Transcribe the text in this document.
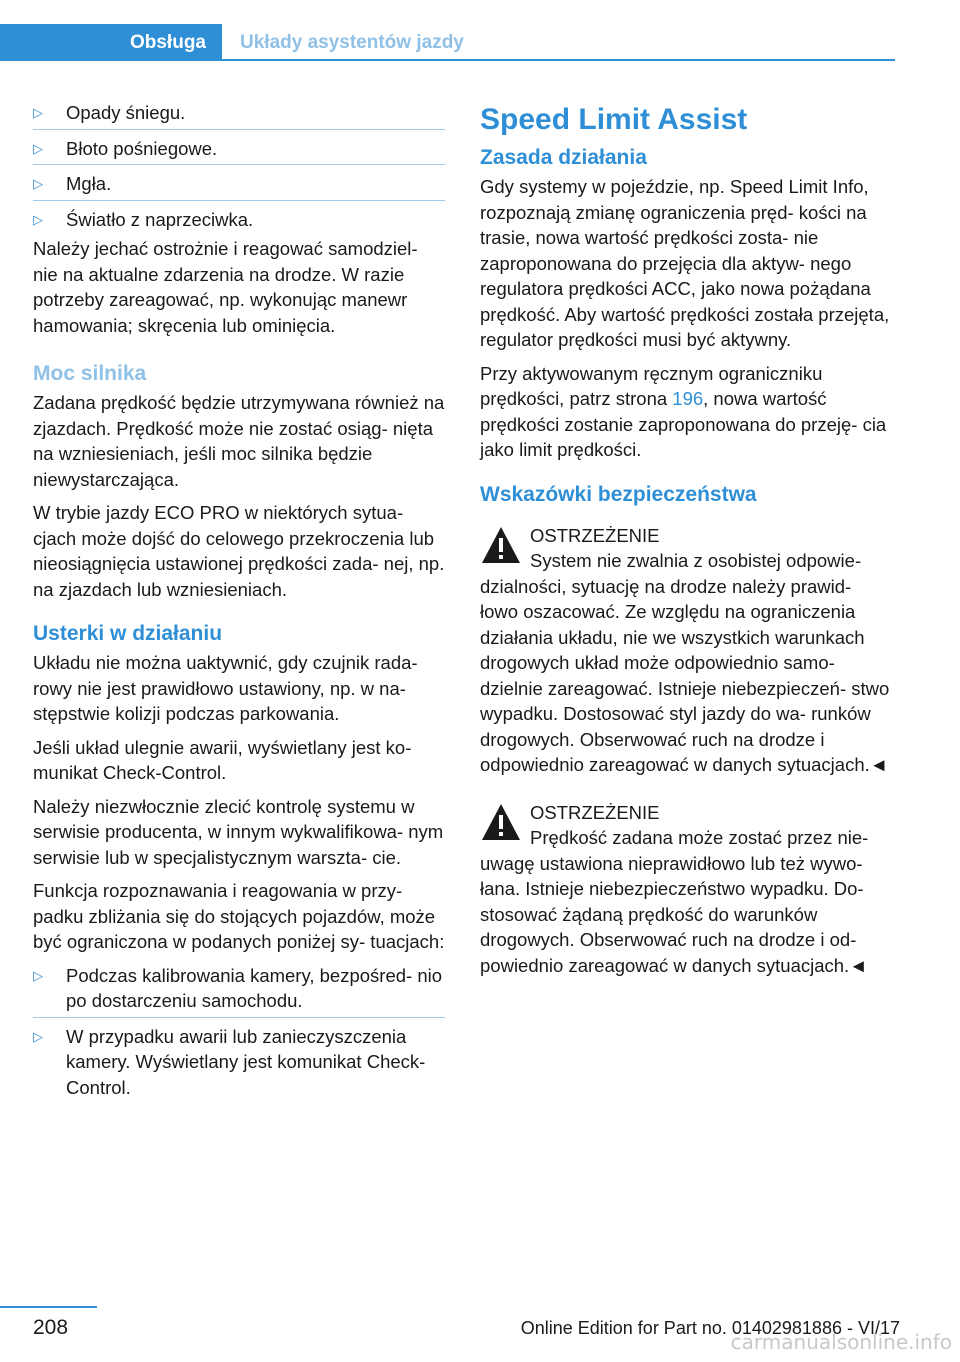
Obsługa	Układy asystentów jazdy
▷	Opady śniegu.
▷	Błoto pośniegowe.
▷	Mgła.
▷	Światło z naprzeciwka.

Należy jechać ostrożnie i reagować samodziel‐ nie na aktualne zdarzenia na drodze. W razie potrzeby zareagować, np. wykonując manewr hamowania; skręcenia lub ominięcia.

Moc silnika

Zadana prędkość będzie utrzymywana również na zjazdach. Prędkość może nie zostać osiąg‐ nięta na wzniesieniach, jeśli moc silnika będzie niewystarczająca.

W trybie jazdy ECO PRO w niektórych sytua‐ cjach może dojść do celowego przekroczenia lub nieosiągnięcia ustawionej prędkości zada‐ nej, np. na zjazdach lub wzniesieniach.

Usterki w działaniu

Układu nie można uaktywnić, gdy czujnik rada‐ rowy nie jest prawidłowo ustawiony, np. w na‐ stępstwie kolizji podczas parkowania.

Jeśli układ ulegnie awarii, wyświetlany jest ko‐ munikat Check-Control.

Należy niezwłocznie zlecić kontrolę systemu w serwisie producenta, w innym wykwalifikowa‐ nym serwisie lub w specjalistycznym warszta‐ cie.

Funkcja rozpoznawania i reagowania w przy‐ padku zbliżania się do stojących pojazdów, może być ograniczona w podanych poniżej sy‐ tuacjach:

▷	Podczas kalibrowania kamery, bezpośred‐ nio po dostarczeniu samochodu.
▷	W przypadku awarii lub zanieczyszczenia kamery. Wyświetlany jest komunikat Check-Control.
Speed Limit Assist
Zasada działania

Gdy systemy w pojeździe, np. Speed Limit Info, rozpoznają zmianę ograniczenia pręd‐ kości na trasie, nowa wartość prędkości zosta‐ nie zaproponowana do przejęcia dla aktyw‐ nego regulatora prędkości ACC, jako nowa pożądana prędkość. Aby wartość prędkości została przejęta, regulator prędkości musi być aktywny.

Przy aktywowanym ręcznym ograniczniku prędkości, patrz strona 196, nowa wartość prędkości zostanie zaproponowana do przeję‐ cia jako limit prędkości.

Wskazówki bezpieczeństwa
OSTRZEŻENIE
System nie zwalnia z osobistej odpowie‐
dzialności, sytuację na drodze należy prawid‐ łowo oszacować. Ze względu na ograniczenia działania układu, nie we wszystkich warunkach drogowych układ może odpowiednio samo‐ dzielnie zareagować. Istnieje niebezpieczeń‐ stwo wypadku. Dostosować styl jazdy do wa‐ runków drogowych. Obserwować ruch na drodze i odpowiednio zareagować w danych sytuacjach.◄
OSTRZEŻENIE
Prędkość zadana może zostać przez nie‐
uwagę ustawiona nieprawidłowo lub też wywo‐ łana. Istnieje niebezpieczeństwo wypadku. Do‐ stosować żądaną prędkość do warunków drogowych. Obserwować ruch na drodze i od‐ powiednio zareagować w danych sytuacjach.◄
208	Online Edition for Part no. 01402981886 - VI/17
carmanualsonline.info
